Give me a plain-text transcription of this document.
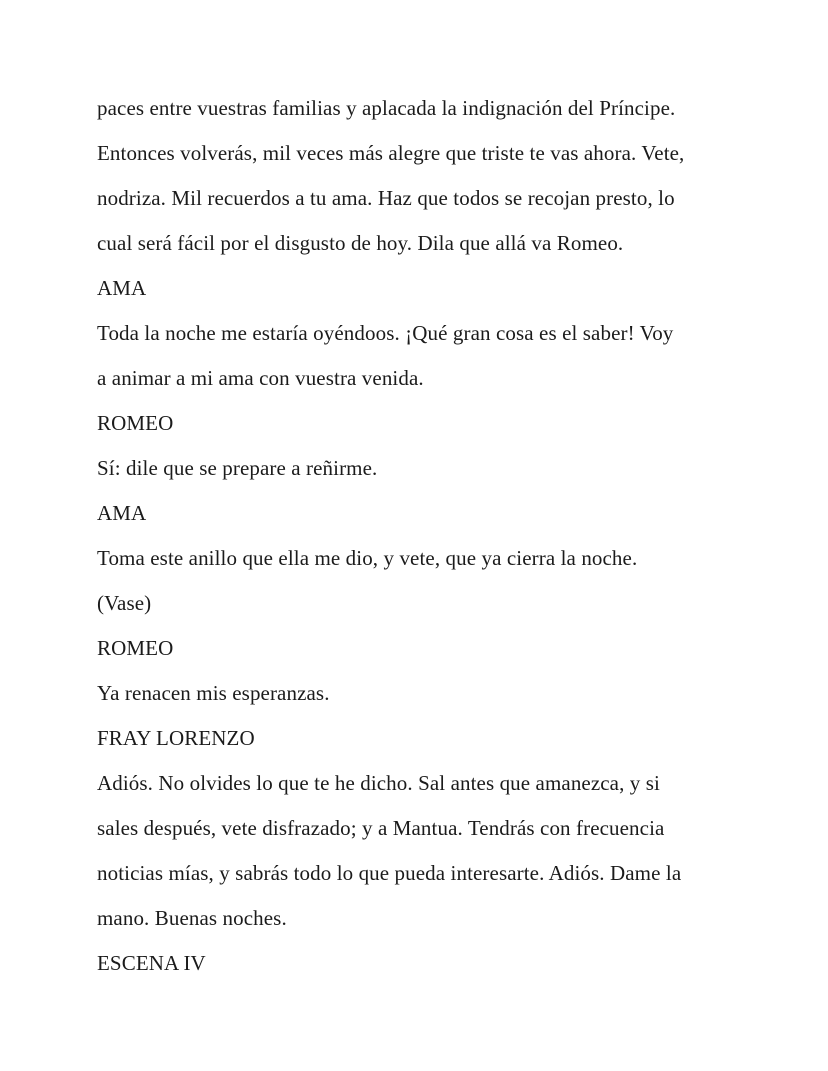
paces entre vuestras familias y aplacada la indignación del Príncipe.

Entonces volverás, mil veces más alegre que triste te vas ahora. Vete,

nodriza. Mil recuerdos a tu ama. Haz que todos se recojan presto, lo

cual será fácil por el disgusto de hoy. Dila que allá va Romeo.

AMA

Toda la noche me estaría oyéndoos. ¡Qué gran cosa es el saber! Voy

a animar a mi ama con vuestra venida.

ROMEO

Sí: dile que se prepare a reñirme.

AMA

Toma este anillo que ella me dio, y vete, que ya cierra la noche.

(Vase)

ROMEO

Ya renacen mis esperanzas.

FRAY LORENZO

Adiós. No olvides lo que te he dicho. Sal antes que amanezca, y si

sales después, vete disfrazado; y a Mantua. Tendrás con frecuencia

noticias mías, y sabrás todo lo que pueda interesarte. Adiós. Dame la

mano. Buenas noches.

ESCENA IV
